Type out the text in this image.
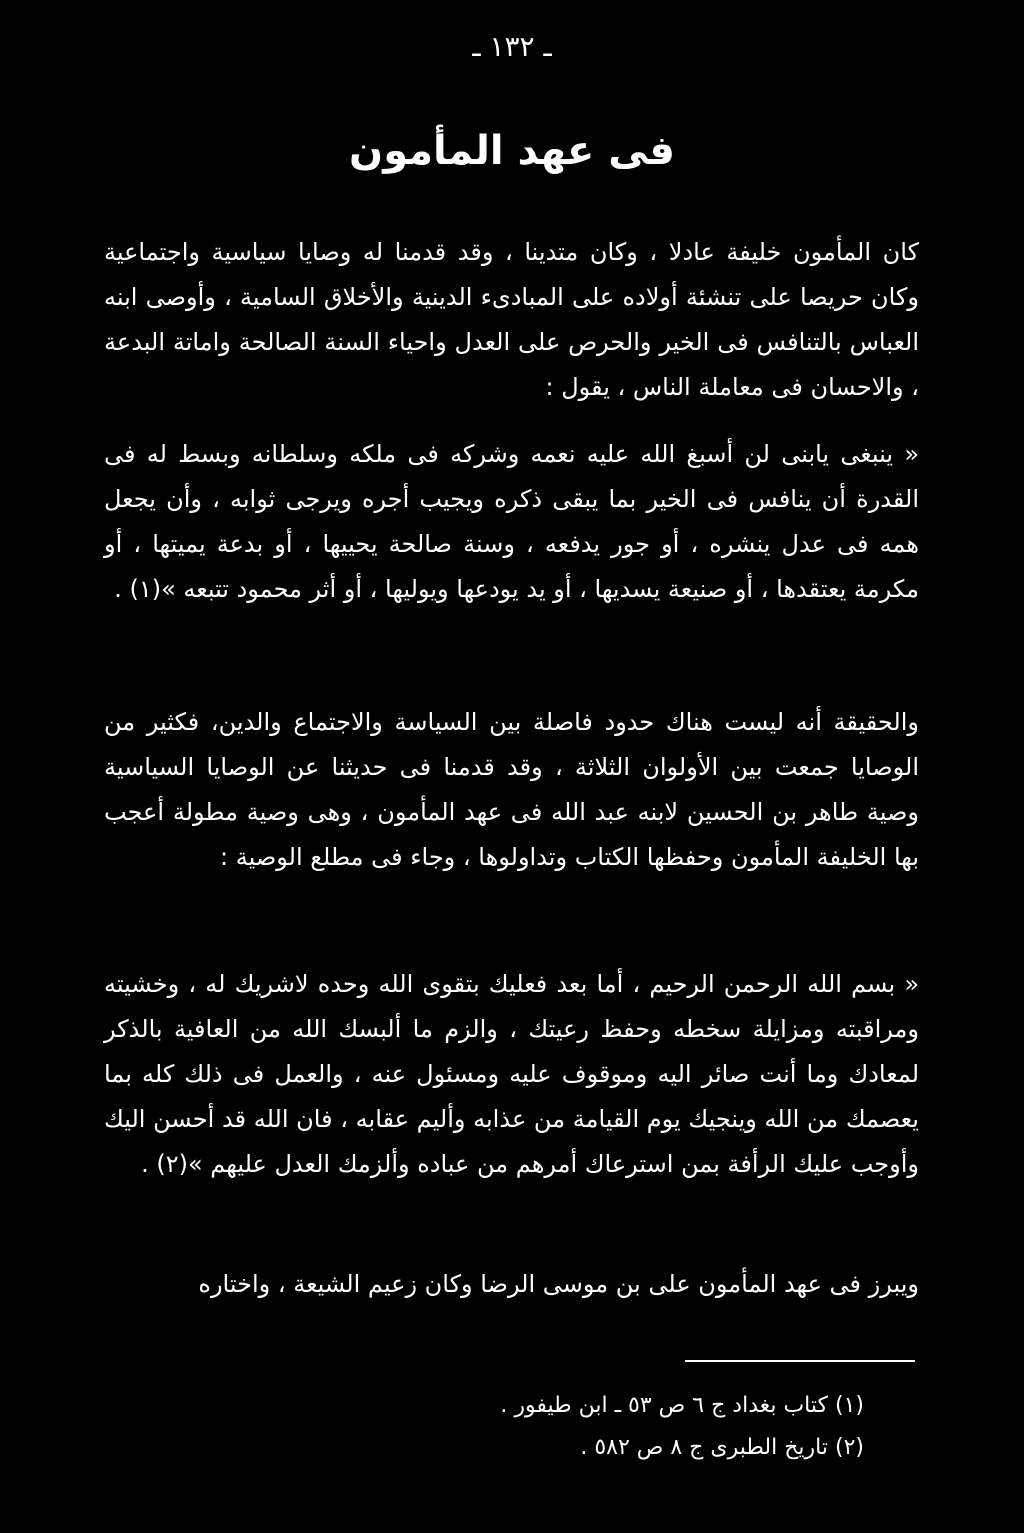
ـ ١٣٢ ـ
فى عهد المأمون

كان المأمون خليفة عادلا ، وكان متدينا ، وقد قدمنا له وصايا سياسية واجتماعية وكان حريصا على تنشئة أولاده على المبادىء الدينية والأخلاق السامية ، وأوصى ابنه العباس بالتنافس فى الخير والحرص على العدل واحياء السنة الصالحة واماتة البدعة ، والاحسان فى معاملة الناس ، يقول :

« ينبغى يابنى لن أسبغ الله عليه نعمه وشركه فى ملكه وسلطانه وبسط له فى القدرة أن ينافس فى الخير بما يبقى ذكره ويجيب أجره ويرجى ثوابه ، وأن يجعل همه فى عدل ينشره ، أو جور يدفعه ، وسنة صالحة يحييها ، أو بدعة يميتها ، أو مكرمة يعتقدها ، أو صنيعة يسديها ، أو يد يودعها ويوليها ، أو أثر محمود تتبعه »(١) .

والحقيقة أنه ليست هناك حدود فاصلة بين السياسة والاجتماع والدين، فكثير من الوصايا جمعت بين الأولوان الثلاثة ، وقد قدمنا فى حديثنا عن الوصايا السياسية وصية طاهر بن الحسين لابنه عبد الله فى عهد المأمون ، وهى وصية مطولة أعجب بها الخليفة المأمون وحفظها الكتاب وتداولوها ، وجاء فى مطلع الوصية :

« بسم الله الرحمن الرحيم ، أما بعد فعليك بتقوى الله وحده لاشريك له ، وخشيته ومراقبته ومزايلة سخطه وحفظ رعيتك ، والزم ما ألبسك الله من العافية بالذكر لمعادك وما أنت صائر اليه وموقوف عليه ومسئول عنه ، والعمل فى ذلك كله بما يعصمك من الله وينجيك يوم القيامة من عذابه وأليم عقابه ، فان الله قد أحسن اليك وأوجب عليك الرأفة بمن استرعاك أمرهم من عباده وألزمك العدل عليهم »(٢) .

ويبرز فى عهد المأمون على بن موسى الرضا وكان زعيم الشيعة ، واختاره

(١) كتاب بغداد ج ٦ ص ٥٣ ـ ابن طيفور .
(٢) تاريخ الطبرى ج ٨ ص ٥٨٢ .
